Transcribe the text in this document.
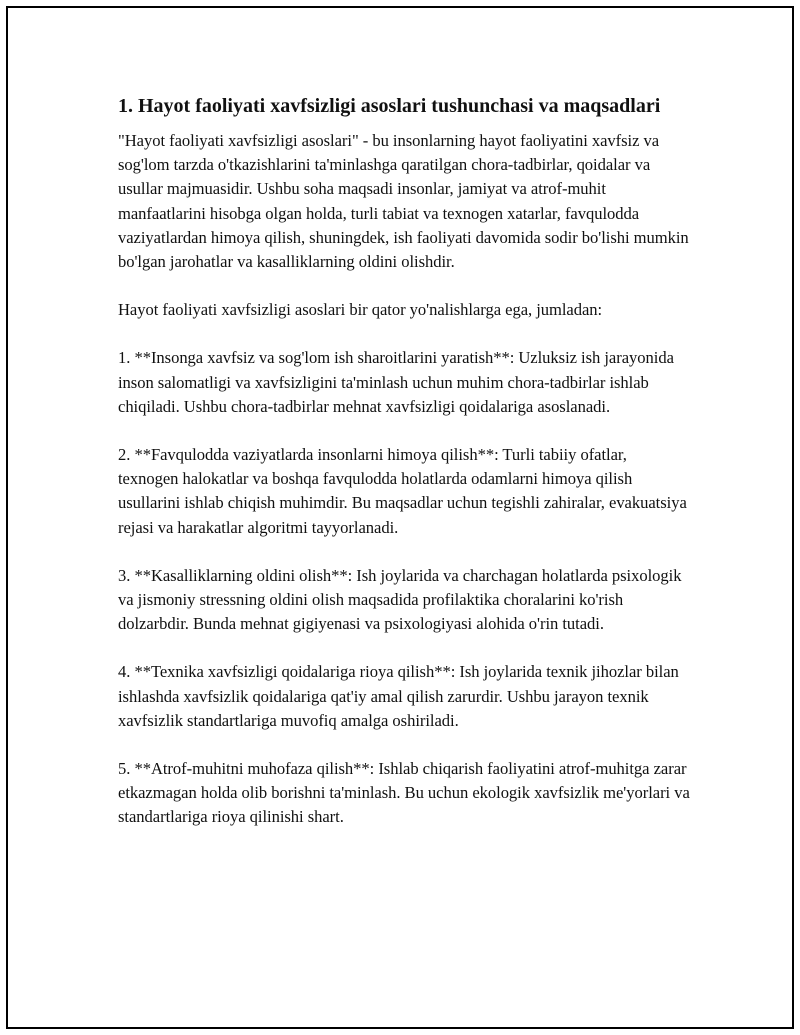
1. Hayot faoliyati xavfsizligi asoslari tushunchasi va maqsadlari

"Hayot faoliyati xavfsizligi asoslari" - bu insonlarning hayot faoliyatini xavfsiz va sog'lom tarzda o'tkazishlarini ta'minlashga qaratilgan chora-tadbirlar, qoidalar va usullar majmuasidir. Ushbu soha maqsadi insonlar, jamiyat va atrof-muhit manfaatlarini hisobga olgan holda, turli tabiat va texnogen xatarlar, favqulodda vaziyatlardan himoya qilish, shuningdek, ish faoliyati davomida sodir bo'lishi mumkin bo'lgan jarohatlar va kasalliklarning oldini olishdir.

Hayot faoliyati xavfsizligi asoslari bir qator yo'nalishlarga ega, jumladan:

1. **Insonga xavfsiz va sog'lom ish sharoitlarini yaratish**: Uzluksiz ish jarayonida inson salomatligi va xavfsizligini ta'minlash uchun muhim chora-tadbirlar ishlab chiqiladi. Ushbu chora-tadbirlar mehnat xavfsizligi qoidalariga asoslanadi.

2. **Favqulodda vaziyatlarda insonlarni himoya qilish**: Turli tabiiy ofatlar, texnogen halokatlar va boshqa favqulodda holatlarda odamlarni himoya qilish usullarini ishlab chiqish muhimdir. Bu maqsadlar uchun tegishli zahiralar, evakuatsiya rejasi va harakatlar algoritmi tayyorlanadi.

3. **Kasalliklarning oldini olish**: Ish joylarida va charchagan holatlarda psixologik va jismoniy stressning oldini olish maqsadida profilaktika choralarini ko'rish dolzarbdir. Bunda mehnat gigiyenasi va psixologiyasi alohida o'rin tutadi.

4. **Texnika xavfsizligi qoidalariga rioya qilish**: Ish joylarida texnik jihozlar bilan ishlashda xavfsizlik qoidalariga qat'iy amal qilish zarurdir. Ushbu jarayon texnik xavfsizlik standartlariga muvofiq amalga oshiriladi.

5. **Atrof-muhitni muhofaza qilish**: Ishlab chiqarish faoliyatini atrof-muhitga zarar etkazmagan holda olib borishni ta'minlash. Bu uchun ekologik xavfsizlik me'yorlari va standartlariga rioya qilinishi shart.
